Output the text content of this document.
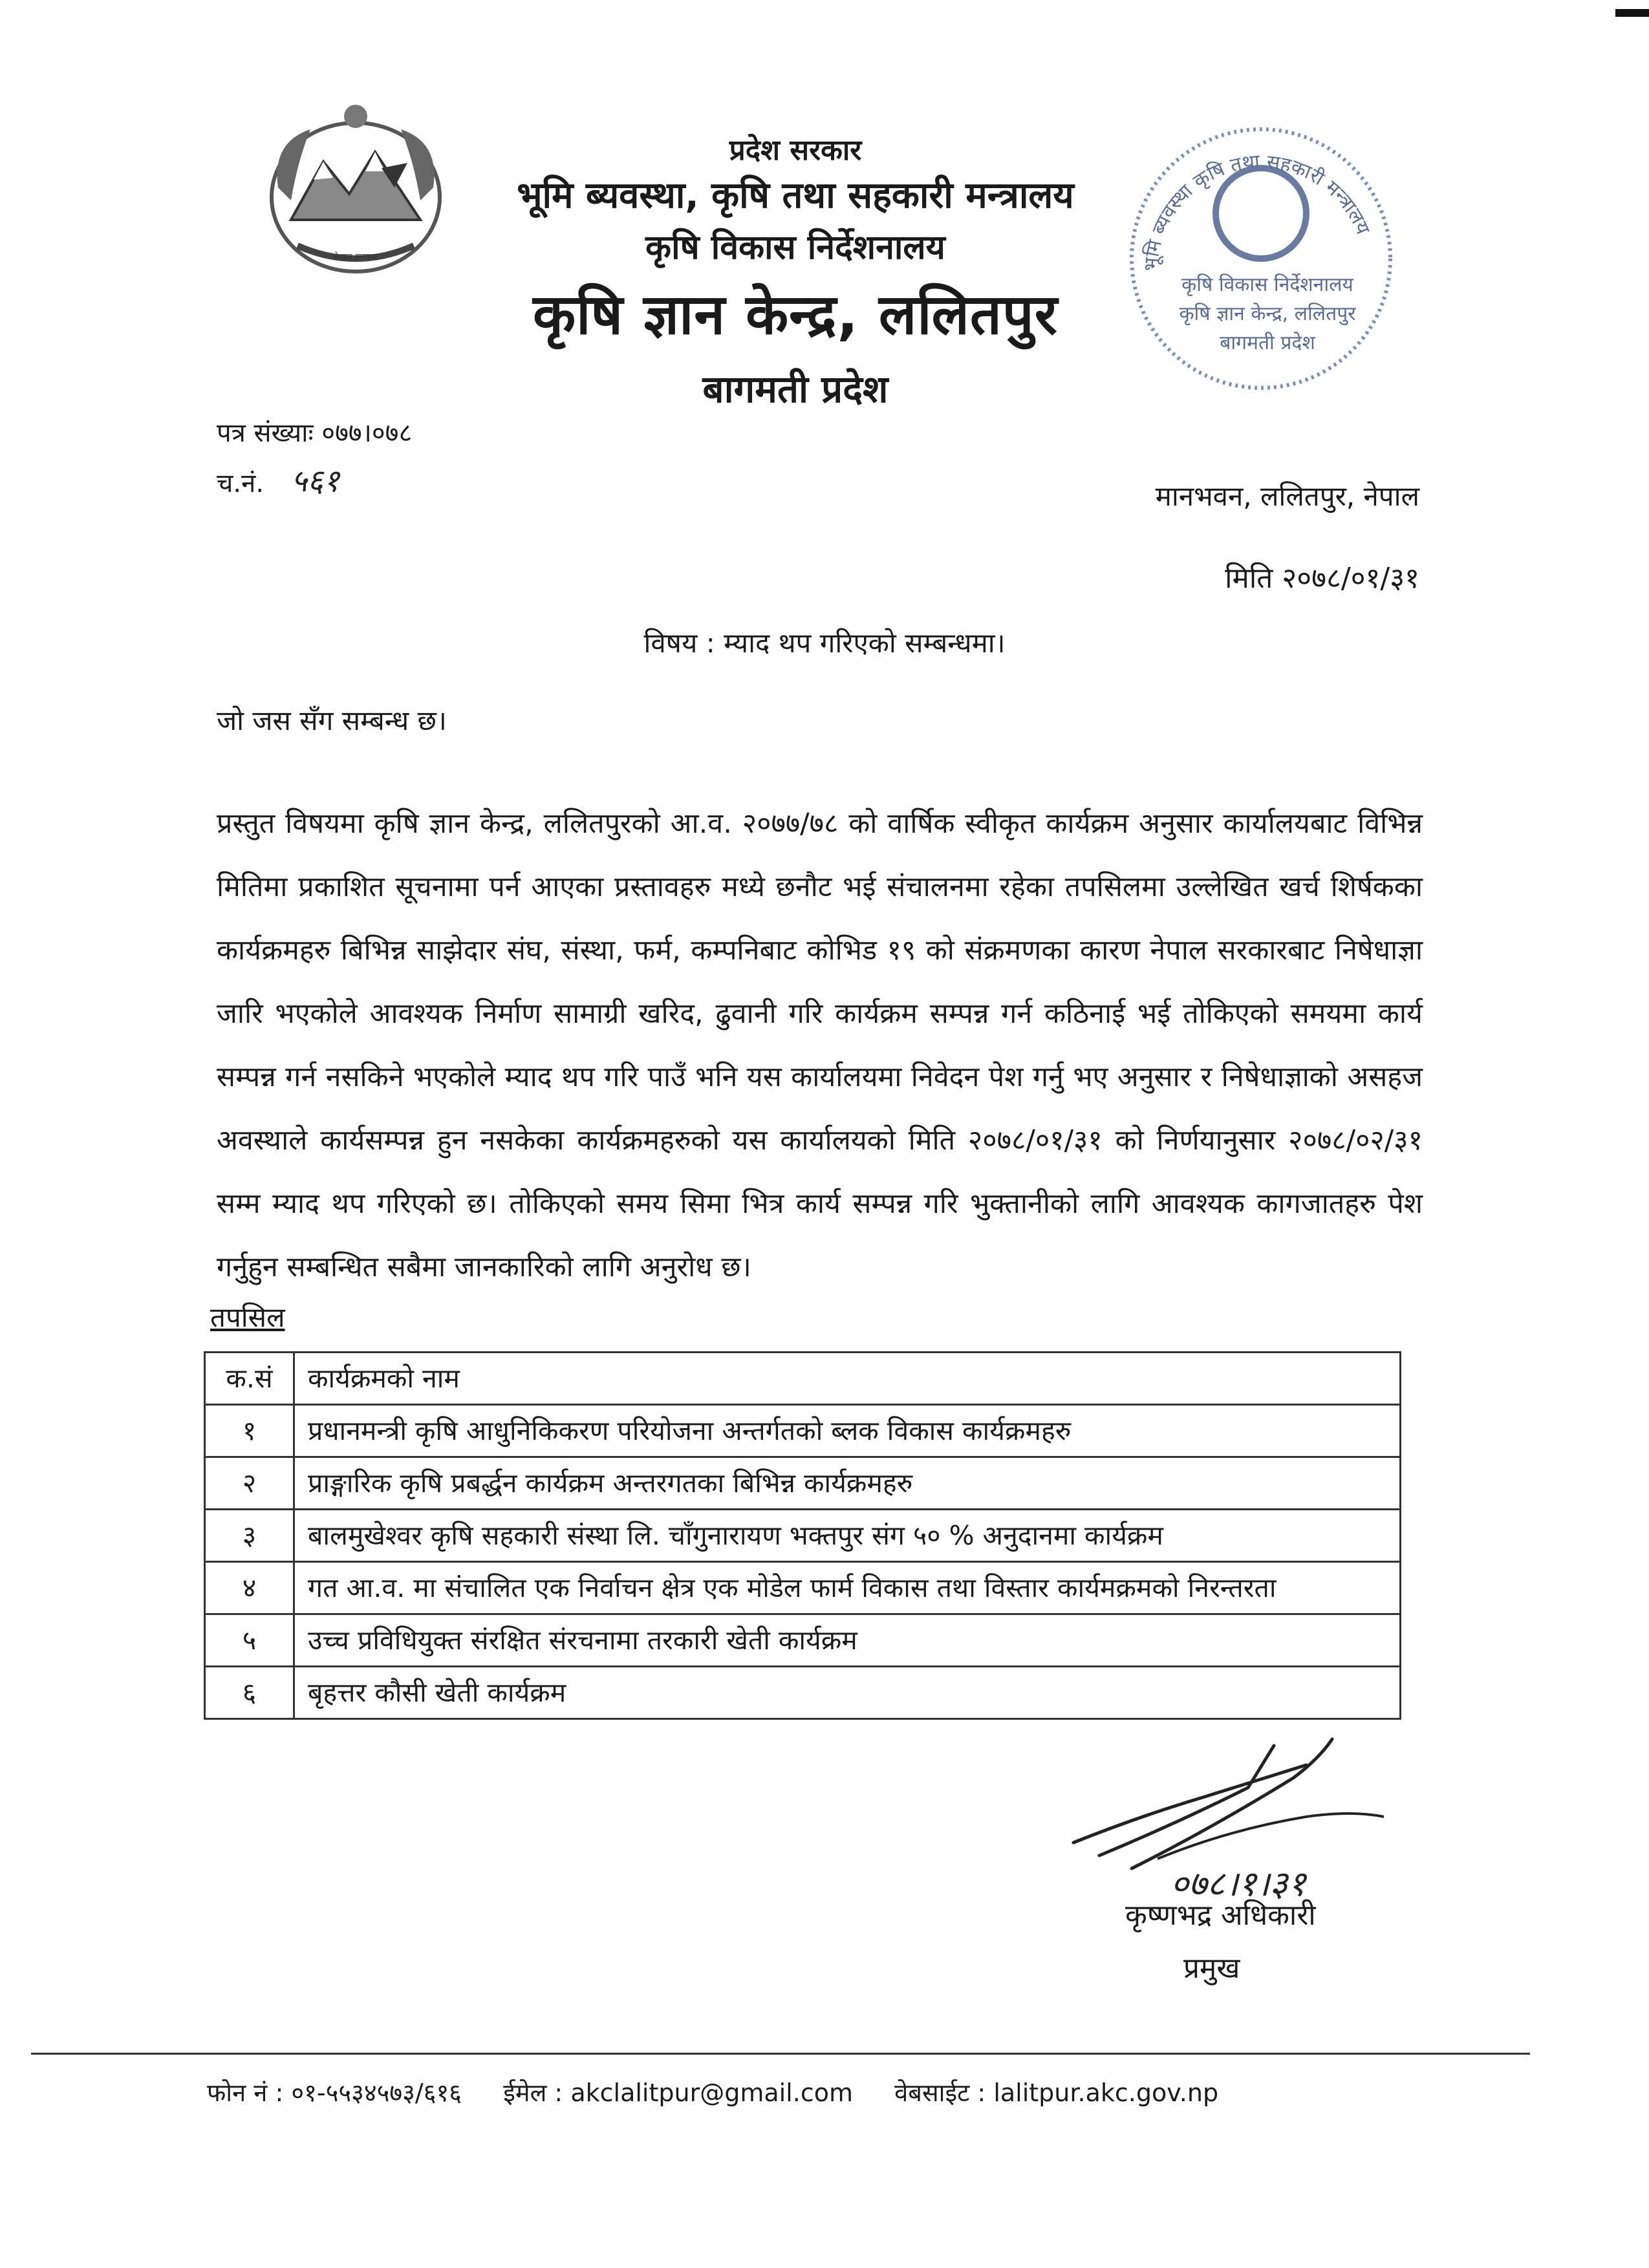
नेपाल सरकार
प्रदेश सरकार
भूमि ब्यवस्था, कृषि तथा सहकारी मन्त्रालय
कृषि विकास निर्देशनालय
कृषि ज्ञान केन्द्र, ललितपुर
बागमती प्रदेश
भूमि ब्यवस्था कृषि तथा सहकारी मन्त्रालय
कृषि विकास निर्देशनालय
कृषि ज्ञान केन्द्र, ललितपुर
बागमती प्रदेश
पत्र संख्याः ०७७।०७८
च.नं. ५६१	मानभवन, ललितपुर, नेपाल
मिति २०७८/०१/३१
विषय : म्याद थप गरिएको सम्बन्धमा।
जो जस सँग सम्बन्ध छ।
प्रस्तुत विषयमा कृषि ज्ञान केन्द्र, ललितपुरको आ.व. २०७७/७८ को वार्षिक स्वीकृत कार्यक्रम अनुसार कार्यालयबाट विभिन्न मितिमा प्रकाशित सूचनामा पर्न आएका प्रस्तावहरु मध्ये छनौट भई संचालनमा रहेका तपसिलमा उल्लेखित खर्च शिर्षकका कार्यक्रमहरु बिभिन्न साझेदार संघ, संस्था, फर्म, कम्पनिबाट कोभिड १९ को संक्रमणका कारण नेपाल सरकारबाट निषेधाज्ञा जारि भएकोले आवश्यक निर्माण सामाग्री खरिद, ढुवानी गरि कार्यक्रम सम्पन्न गर्न कठिनाई भई तोकिएको समयमा कार्य सम्पन्न गर्न नसकिने भएकोले म्याद थप गरि पाउँ भनि यस कार्यालयमा निवेदन पेश गर्नु भए अनुसार र निषेधाज्ञाको असहज अवस्थाले कार्यसम्पन्न हुन नसकेका कार्यक्रमहरुको यस कार्यालयको मिति २०७८/०१/३१ को निर्णयानुसार २०७८/०२/३१ सम्म म्याद थप गरिएको छ। तोकिएको समय सिमा भित्र कार्य सम्पन्न गरि भुक्तानीको लागि आवश्यक कागजातहरु पेश गर्नुहुन सम्बन्धित सबैमा जानकारिको लागि अनुरोध छ।
तपसिल
क.सं	कार्यक्रमको नाम
१	प्रधानमन्त्री कृषि आधुनिकिकरण परियोजना अन्तर्गतको ब्लक विकास कार्यक्रमहरु
२	प्राङ्गारिक कृषि प्रबर्द्धन कार्यक्रम अन्तरगतका बिभिन्न कार्यक्रमहरु
३	बालमुखेश्वर कृषि सहकारी संस्था लि. चाँगुनारायण भक्तपुर संग ५० % अनुदानमा कार्यक्रम
४	गत आ.व. मा संचालित एक निर्वाचन क्षेत्र एक मोडेल फार्म विकास तथा विस्तार कार्यमक्रमको निरन्तरता
५	उच्च प्रविधियुक्त संरक्षित संरचनामा तरकारी खेती कार्यक्रम
६	बृहत्तर कौसी खेती कार्यक्रम
०७८।१।३१
कृष्णभद्र अधिकारी
प्रमुख
फोन नं : ०१-५५३४५७३/६१६ ईमेल : akclalitpur@gmail.com वेबसाईट : lalitpur.akc.gov.np
